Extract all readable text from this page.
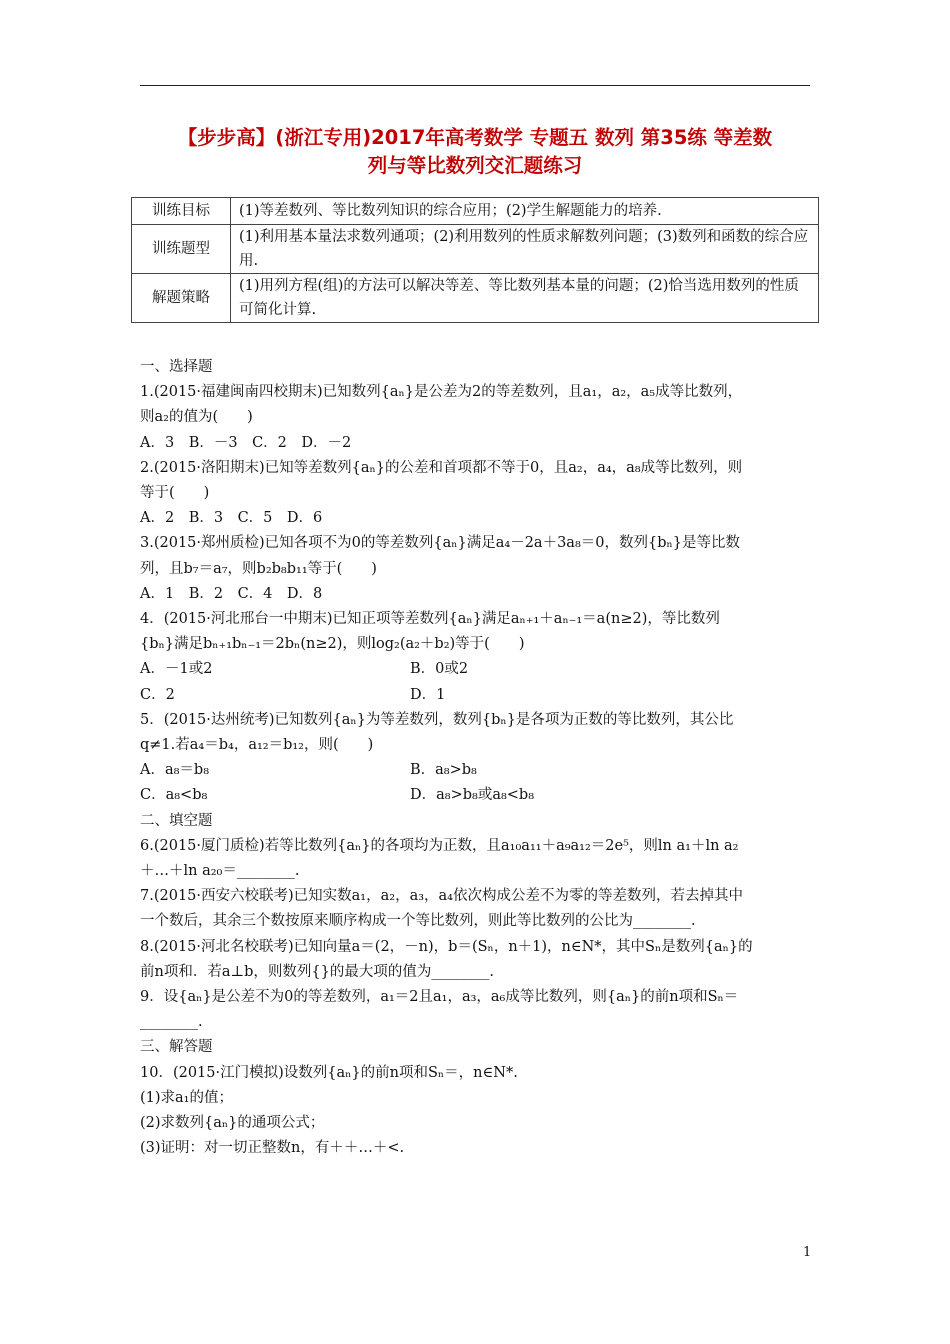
【步步高】(浙江专用)2017年高考数学 专题五 数列 第35练 等差数
列与等比数列交汇题练习
训练目标	(1)等差数列、等比数列知识的综合应用；(2)学生解题能力的培养.
训练题型	(1)利用基本量法求数列通项；(2)利用数列的性质求解数列问题；(3)数列和函数的综合应用.
解题策略	(1)用列方程(组)的方法可以解决等差、等比数列基本量的问题；(2)恰当选用数列的性质可简化计算.

一、选择题

1.(2015·福建闽南四校期末)已知数列{aₙ}是公差为2的等差数列，且a₁，a₂，a₅成等比数列，

则a₂的值为(　　)

A．3　B．－3　C．2　D．－2

2.(2015·洛阳期末)已知等差数列{aₙ}的公差和首项都不等于0，且a₂，a₄，a₈成等比数列，则

等于(　　)

A．2　B．3　C．5　D．6

3.(2015·郑州质检)已知各项不为0的等差数列{aₙ}满足a₄－2a＋3a₈＝0，数列{bₙ}是等比数

列，且b₇＝a₇，则b₂b₈b₁₁等于(　　)

A．1　B．2　C．4　D．8

4．(2015·河北邢台一中期末)已知正项等差数列{aₙ}满足aₙ₊₁＋aₙ₋₁＝a(n≥2)，等比数列

{bₙ}满足bₙ₊₁bₙ₋₁＝2bₙ(n≥2)，则log₂(a₂＋b₂)等于(　　)

A．－1或2	B．0或2
C．2	D．1

5．(2015·达州统考)已知数列{aₙ}为等差数列，数列{bₙ}是各项为正数的等比数列，其公比

q≠1.若a₄＝b₄，a₁₂＝b₁₂，则(　　)

A．a₈＝b₈	B．a₈>b₈
C．a₈<b₈	D．a₈>b₈或a₈<b₈

二、填空题

6.(2015·厦门质检)若等比数列{aₙ}的各项均为正数，且a₁₀a₁₁＋a₉a₁₂＝2e⁵，则ln a₁＋ln a₂

＋…＋ln a₂₀＝________.

7.(2015·西安六校联考)已知实数a₁，a₂，a₃，a₄依次构成公差不为零的等差数列，若去掉其中

一个数后，其余三个数按原来顺序构成一个等比数列，则此等比数列的公比为________.

8.(2015·河北名校联考)已知向量a＝(2，－n)，b＝(Sₙ，n＋1)，n∈N*，其中Sₙ是数列{aₙ}的

前n项和．若a⊥b，则数列{}的最大项的值为________.

9．设{aₙ}是公差不为0的等差数列，a₁＝2且a₁，a₃，a₆成等比数列，则{aₙ}的前n项和Sₙ＝

________.

三、解答题

10．(2015·江门模拟)设数列{aₙ}的前n项和Sₙ＝，n∈N*.

(1)求a₁的值；

(2)求数列{aₙ}的通项公式；

(3)证明：对一切正整数n，有＋＋…＋<.

1
